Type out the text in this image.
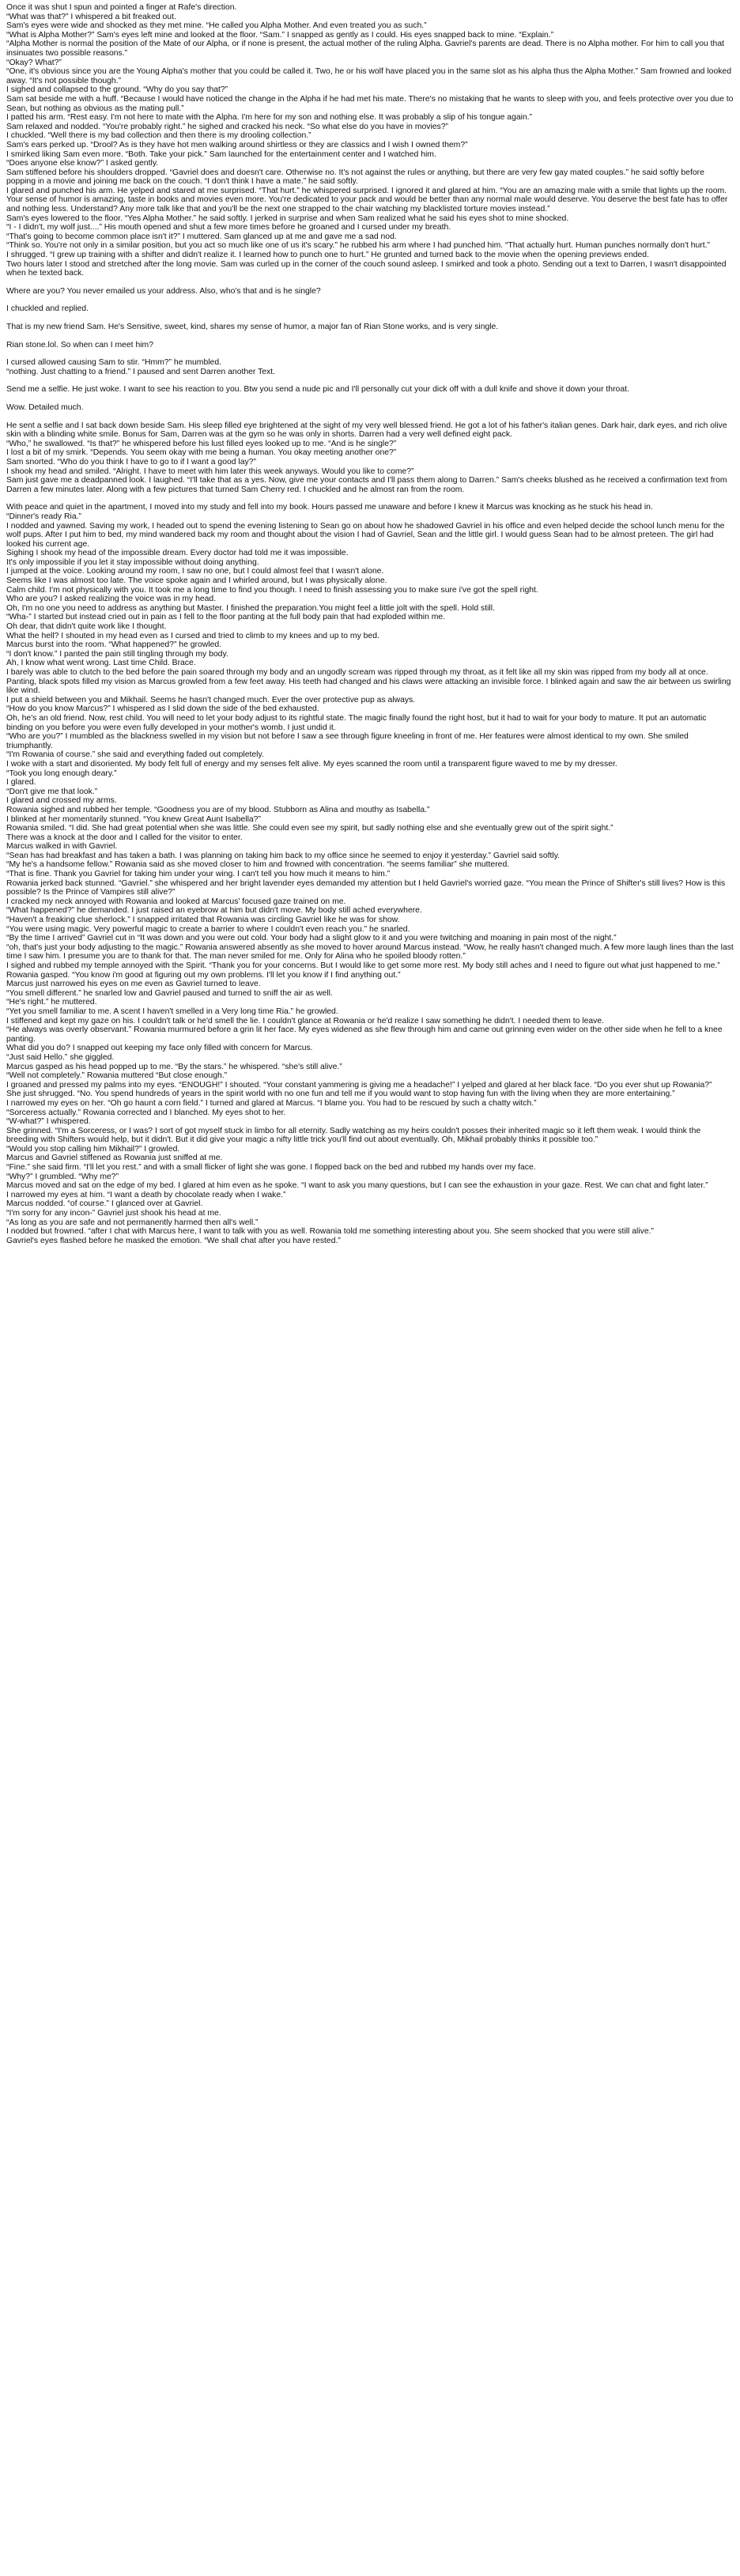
Once it was shut I spun and pointed a finger at Rafe's direction.

“What was that?” I whispered a bit freaked out.

Sam's eyes were wide and shocked as they met mine. “He called you Alpha Mother. And even treated you as such.”

“What is Alpha Mother?” Sam's eyes left mine and looked at the floor. “Sam.” I snapped as gently as I could. His eyes snapped back to mine. “Explain.”

“Alpha Mother is normal the position of the Mate of our Alpha, or if none is present, the actual mother of the ruling Alpha. Gavriel's parents are dead. There is no Alpha mother. For him to call you that insinuates two possible reasons.”

“Okay? What?”

“One, it's obvious since you are the Young Alpha's mother that you could be called it. Two, he or his wolf have placed you in the same slot as his alpha thus the Alpha Mother.” Sam frowned and looked away. “It's not possible though.”

I sighed and collapsed to the ground. “Why do you say that?”

Sam sat beside me with a huff. “Because I would have noticed the change in the Alpha if he had met his mate. There's no mistaking that he wants to sleep with you, and feels protective over you due to Sean, but nothing as obvious as the mating pull.”

I patted his arm. “Rest easy. I'm not here to mate with the Alpha. I'm here for my son and nothing else. It was probably a slip of his tongue again.”

Sam relaxed and nodded. “You're probably right.” he sighed and cracked his neck. “So what else do you have in movies?”

I chuckled. “Well there is my bad collection and then there is my drooling collection.”

Sam's ears perked up. “Drool? As is they have hot men walking around shirtless or they are classics and I wish I owned them?”

I smirked liking Sam even more. “Both. Take your pick.” Sam launched for the entertainment center and I watched him.

“Does anyone else know?” I asked gently.

Sam stiffened before his shoulders dropped. “Gavriel does and doesn't care. Otherwise no. It's not against the rules or anything, but there are very few gay mated couples.” he said softly before popping in a movie and joining me back on the couch. “I don't think I have a mate.” he said softly.

I glared and punched his arm. He yelped and stared at me surprised. “That hurt.” he whispered surprised. I ignored it and glared at him. “You are an amazing male with a smile that lights up the room. Your sense of humor is amazing, taste in books and movies even more. You're dedicated to your pack and would be better than any normal male would deserve. You deserve the best fate has to offer and nothing less. Understand? Any more talk like that and you'll be the next one strapped to the chair watching my blacklisted torture movies instead.”

Sam's eyes lowered to the floor. “Yes Alpha Mother.” he said softly. I jerked in surprise and when Sam realized what he said his eyes shot to mine shocked.

“I - I didn't, my wolf just....” His mouth opened and shut a few more times before he groaned and I cursed under my breath.

“That's going to become common place isn't it?” I muttered. Sam glanced up at me and gave me a sad nod.

“Think so. You're not only in a similar position, but you act so much like one of us it's scary.” he rubbed his arm where I had punched him. “That actually hurt. Human punches normally don't hurt.”

I shrugged. “I grew up training with a shifter and didn't realize it. I learned how to punch one to hurt.” He grunted and turned back to the movie when the opening previews ended.

Two hours later I stood and stretched after the long movie. Sam was curled up in the corner of the couch sound asleep. I smirked and took a photo. Sending out a text to Darren, I wasn't disappointed when he texted back.

Where are you? You never emailed us your address. Also, who's that and is he single?

I chuckled and replied.

That is my new friend Sam. He's Sensitive, sweet, kind, shares my sense of humor, a major fan of Rian Stone works, and is very single.

Rian stone.lol. So when can I meet him?

I cursed allowed causing Sam to stir. “Hmm?” he mumbled.

“nothing. Just chatting to a friend.” I paused and sent Darren another Text.

Send me a selfie. He just woke. I want to see his reaction to you. Btw you send a nude pic and I'll personally cut your dick off with a dull knife and shove it down your throat.

Wow. Detailed much.

He sent a selfie and I sat back down beside Sam. His sleep filled eye brightened at the sight of my very well blessed friend. He got a lot of his father's italian genes. Dark hair, dark eyes, and rich olive skin with a blinding white smile. Bonus for Sam, Darren was at the gym so he was only in shorts. Darren had a very well defined eight pack.

“Who,” he swallowed. “Is that?” he whispered before his lust filled eyes looked up to me. “And is he single?”

I lost a bit of my smirk. “Depends. You seem okay with me being a human. You okay meeting another one?”

Sam snorted. “Who do you think I have to go to if I want a good lay?”

I shook my head and smiled. “Alright. I have to meet with him later this week anyways. Would you like to come?”

Sam just gave me a deadpanned look. I laughed. “I'll take that as a yes. Now, give me your contacts and I'll pass them along to Darren.” Sam's cheeks blushed as he received a confirmation text from Darren a few minutes later. Along with a few pictures that turned Sam Cherry red. I chuckled and he almost ran from the room.

With peace and quiet in the apartment, I moved into my study and fell into my book. Hours passed me unaware and before I knew it Marcus was knocking as he stuck his head in.

“Dinner's ready Ria.”

I nodded and yawned. Saving my work, I headed out to spend the evening listening to Sean go on about how he shadowed Gavriel in his office and even helped decide the school lunch menu for the wolf pups. After I put him to bed, my mind wandered back my room and thought about the vision I had of Gavriel, Sean and the little girl. I would guess Sean had to be almost preteen. The girl had looked his current age.

Sighing I shook my head of the impossible dream. Every doctor had told me it was impossible.

It's only impossible if you let it stay impossible without doing anything.

I jumped at the voice. Looking around my room, I saw no one, but I could almost feel that I wasn't alone.

Seems like I was almost too late. The voice spoke again and I whirled around, but I was physically alone.

Calm child. I'm not physically with you. It took me a long time to find you though. I need to finish assessing you to make sure i've got the spell right.

Who are you? I asked realizing the voice was in my head.

Oh, I'm no one you need to address as anything but Master. I finished the preparation.You might feel a little jolt with the spell. Hold still.

“Wha-” I started but instead cried out in pain as I fell to the floor panting at the full body pain that had exploded within me.

Oh dear, that didn't quite work like I thought.

What the hell? I shouted in my head even as I cursed and tried to climb to my knees and up to my bed.

Marcus burst into the room. “What happened?” he growled.

“I don't know.” I panted the pain still tingling through my body.

Ah, I know what went wrong. Last time Child. Brace.

I barely was able to clutch to the bed before the pain soared through my body and an ungodly scream was ripped through my throat, as it felt like all my skin was ripped from my body all at once. Panting, black spots filled my vision as Marcus growled from a few feet away. His teeth had changed and his claws were attacking an invisible force. I blinked again and saw the air between us swirling like wind.

I put a shield between you and Mikhail. Seems he hasn't changed much. Ever the over protective pup as always.

“How do you know Marcus?” I whispered as I slid down the side of the bed exhausted.

Oh, he's an old friend. Now, rest child. You will need to let your body adjust to its rightful state. The magic finally found the right host, but it had to wait for your body to mature. It put an automatic binding on you before you were even fully developed in your mother's womb. I just undid it.

“Who are you?” I mumbled as the blackness swelled in my vision but not before I saw a see through figure kneeling in front of me. Her features were almost identical to my own. She smiled triumphantly.

“I'm Rowania of course.” she said and everything faded out completely.

I woke with a start and disoriented. My body felt full of energy and my senses felt alive. My eyes scanned the room until a transparent figure waved to me by my dresser.

“Took you long enough deary.”

I glared.

“Don't give me that look.”

I glared and crossed my arms.

Rowania sighed and rubbed her temple. “Goodness you are of my blood. Stubborn as Alina and mouthy as Isabella.”

I blinked at her momentarily stunned. “You knew Great Aunt Isabella?”

Rowania smiled. “I did. She had great potential when she was little. She could even see my spirit, but sadly nothing else and she eventually grew out of the spirit sight.”

There was a knock at the door and I called for the visitor to enter.

Marcus walked in with Gavriel.

“Sean has had breakfast and has taken a bath. I was planning on taking him back to my office since he seemed to enjoy it yesterday.” Gavriel said softly.

“My he's a handsome fellow.” Rowania said as she moved closer to him and frowned with concentration. “he seems familiar” she muttered.

“That is fine. Thank you Gavriel for taking him under your wing. I can't tell you how much it means to him.”

Rowania jerked back stunned. “Gavriel.” she whispered and her bright lavender eyes demanded my attention but I held Gavriel's worried gaze. “You mean the Prince of Shifter's still lives? How is this possible? Is the Prince of Vampires still alive?”

I cracked my neck annoyed with Rowania and looked at Marcus' focused gaze trained on me.

“What happened?” he demanded. I just raised an eyebrow at him but didn't move. My body still ached everywhere.

“Haven't a freaking clue sherlock.” I snapped irritated that Rowania was circling Gavriel like he was for show.

“You were using magic. Very powerful magic to create a barrier to where I couldn't even reach you.” he snarled.

“By the time I arrived” Gavriel cut in “It was down and you were out cold. Your body had a slight glow to it and you were twitching and moaning in pain most of the night.”

“oh, that's just your body adjusting to the magic.” Rowania answered absently as she moved to hover around Marcus instead. “Wow, he really hasn't changed much. A few more laugh lines than the last time I saw him. I presume you are to thank for that. The man never smiled for me. Only for Alina who he spoiled bloody rotten.”

I sighed and rubbed my temple annoyed with the Spirit. “Thank you for your concerns. But I would like to get some more rest. My body still aches and I need to figure out what just happened to me.” Rowania gasped. “You know i'm good at figuring out my own problems. I'll let you know if I find anything out.”

Marcus just narrowed his eyes on me even as Gavriel turned to leave.

“You smell different.” he snarled low and Gavriel paused and turned to sniff the air as well.

“He's right.” he muttered.

“Yet you smell familiar to me. A scent I haven't smelled in a Very long time Ria.” he growled.

I stiffened and kept my gaze on his. I couldn't talk or he'd smell the lie. I couldn't glance at Rowania or he'd realize I saw something he didn't. I needed them to leave.

“He always was overly observant.” Rowania murmured before a grin lit her face. My eyes widened as she flew through him and came out grinning even wider on the other side when he fell to a knee panting.

What did you do? I snapped out keeping my face only filled with concern for Marcus.

“Just said Hello.” she giggled.

Marcus gasped as his head popped up to me. “By the stars.” he whispered. “she's still alive.”

“Well not completely.” Rowania muttered “But close enough.”

I groaned and pressed my palms into my eyes. “ENOUGH!” I shouted. “Your constant yammering is giving me a headache!” I yelped and glared at her black face. “Do you ever shut up Rowania?”

She just shrugged. “No. You spend hundreds of years in the spirit world with no one fun and tell me if you would want to stop having fun with the living when they are more entertaining.”

I narrowed my eyes on her. “Oh go haunt a corn field.” I turned and glared at Marcus. “I blame you. You had to be rescued by such a chatty witch.”

“Sorceress actually.” Rowania corrected and I blanched. My eyes shot to her.

“W-what?” I whispered.

She grinned. “I'm a Sorceress, or I was? I sort of got myself stuck in limbo for all eternity. Sadly watching as my heirs couldn't posses their inherited magic so it left them weak. I would think the breeding with Shifters would help, but it didn't. But it did give your magic a nifty little trick you'll find out about eventually. Oh, Mikhail probably thinks it possible too.”

“Would you stop calling him Mikhail?” I growled.

Marcus and Gavriel stiffened as Rowania just sniffed at me.

“Fine.” she said firm. “I'll let you rest.” and with a small flicker of light she was gone. I flopped back on the bed and rubbed my hands over my face.

“Why?” I grumbled. “Why me?”

Marcus moved and sat on the edge of my bed. I glared at him even as he spoke. “I want to ask you many questions, but I can see the exhaustion in your gaze. Rest. We can chat and fight later.”

I narrowed my eyes at him. “I want a death by chocolate ready when I wake.”

Marcus nodded. “of course.” I glanced over at Gavriel.

“I'm sorry for any incon-” Gavriel just shook his head at me.

“As long as you are safe and not permanently harmed then all's well.”

I nodded but frowned. “after I chat with Marcus here, I want to talk with you as well. Rowania told me something interesting about you. She seem shocked that you were still alive.”

Gavriel's eyes flashed before he masked the emotion. “We shall chat after you have rested.”
